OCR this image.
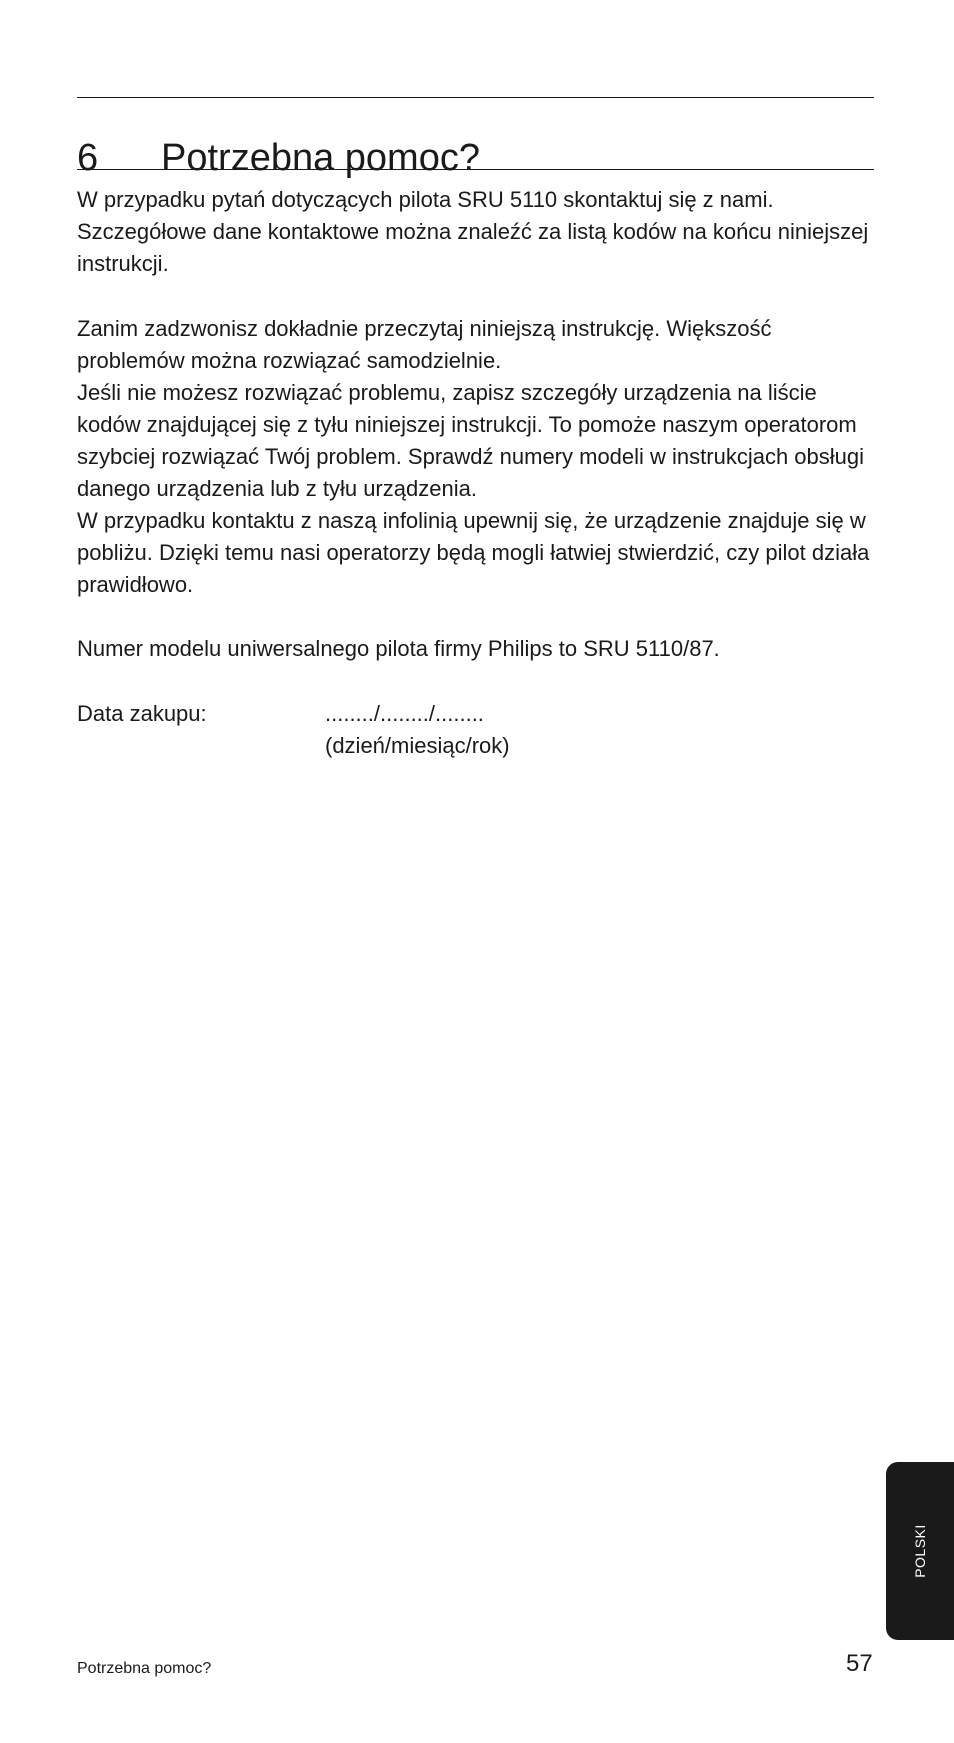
6	Potrzebna pomoc?

W przypadku pytań dotyczących pilota SRU 5110 skontaktuj się z nami. Szczegółowe dane kontaktowe można znaleźć za listą kodów na końcu niniejszej instrukcji.

Zanim zadzwonisz dokładnie przeczytaj niniejszą instrukcję. Większość problemów można rozwiązać samodzielnie.

Jeśli nie możesz rozwiązać problemu, zapisz szczegóły urządzenia na liście kodów znajdującej się z tyłu niniejszej instrukcji. To pomoże naszym operatorom szybciej rozwiązać Twój problem. Sprawdź numery modeli w instrukcjach obsługi danego urządzenia lub z tyłu urządzenia.

W przypadku kontaktu z naszą infolinią upewnij się, że urządzenie znajduje się w pobliżu. Dzięki temu nasi operatorzy będą mogli łatwiej stwierdzić, czy pilot działa prawidłowo.

Numer modelu uniwersalnego pilota firmy Philips to SRU 5110/87.

Data zakupu:	......../......../........
(dzień/miesiąc/rok)
POLSKI
Potrzebna pomoc?	57
